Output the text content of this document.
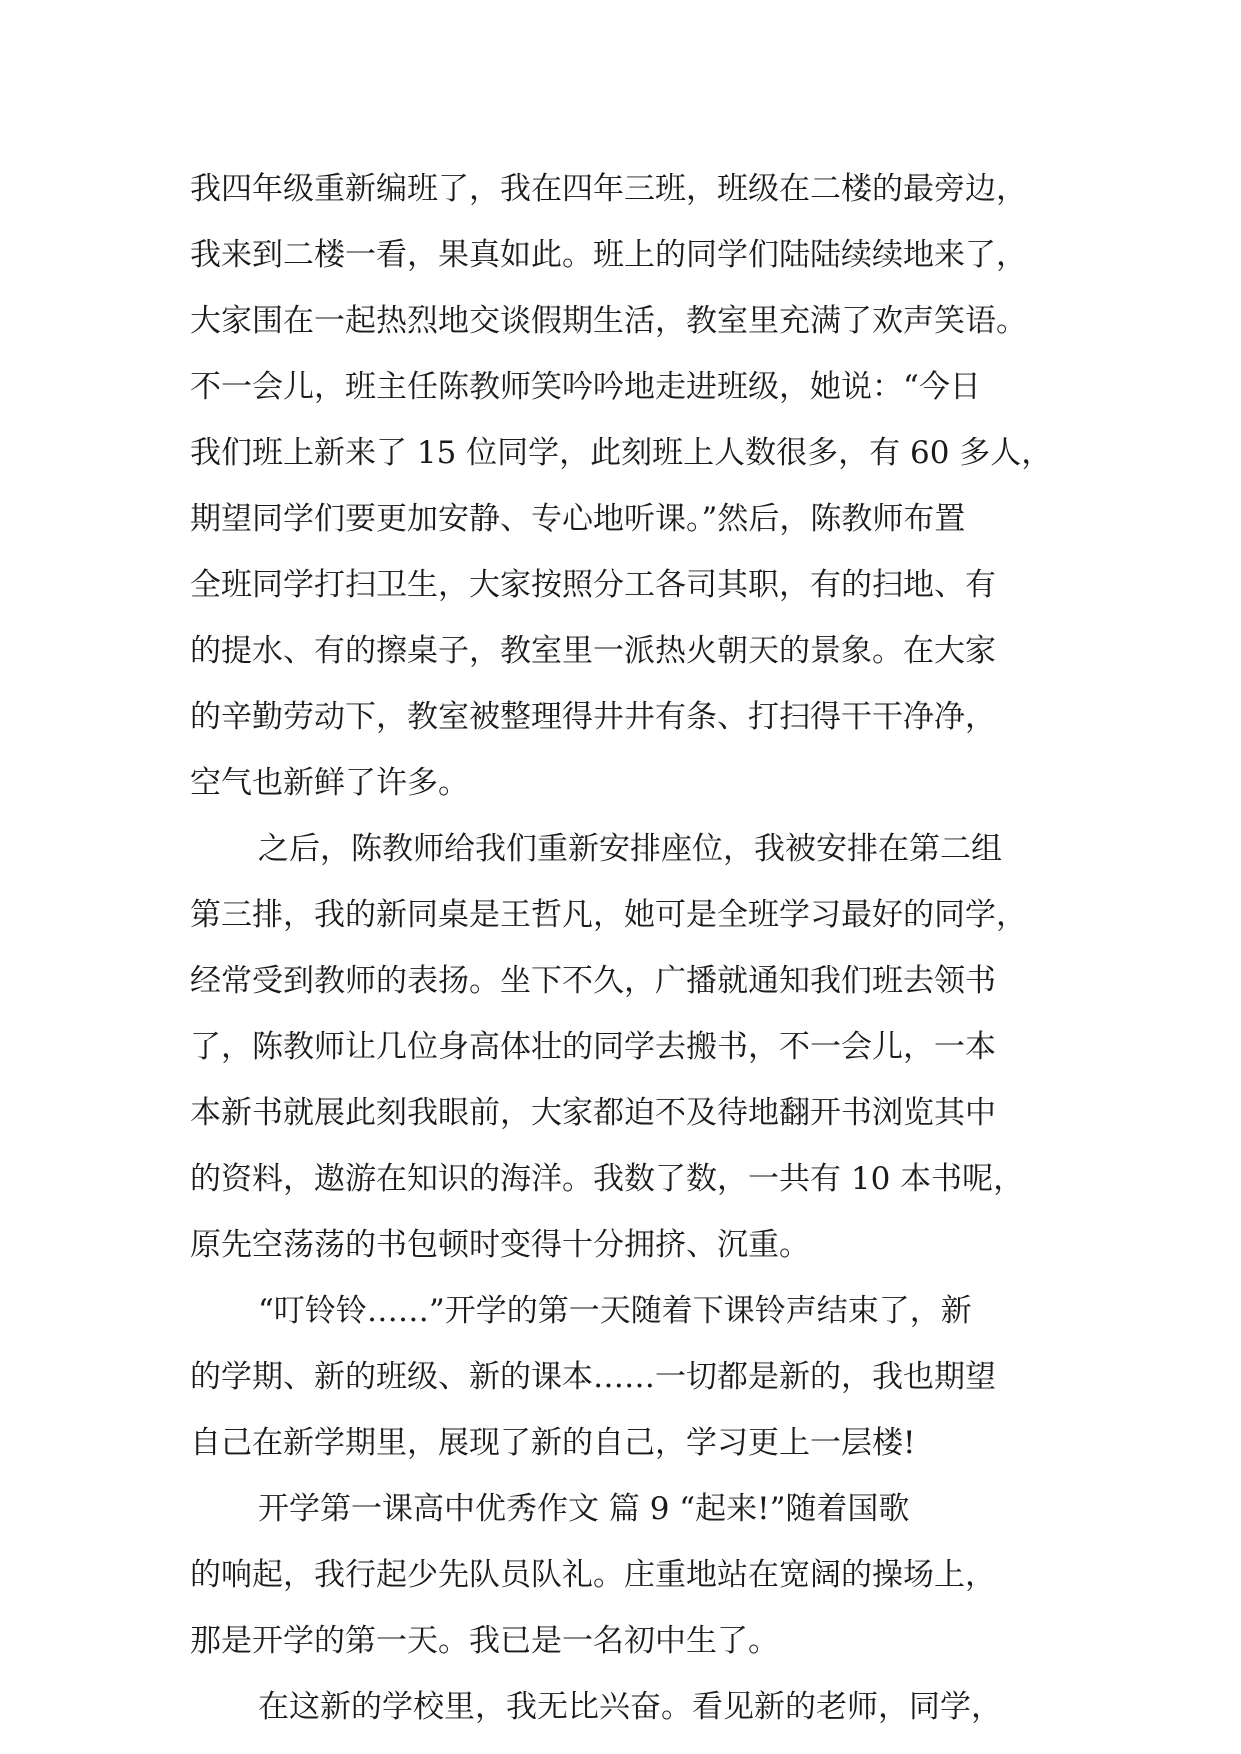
我四年级重新编班了，我在四年三班，班级在二楼的最旁边，
我来到二楼一看，果真如此。班上的同学们陆陆续续地来了，
大家围在一起热烈地交谈假期生活，教室里充满了欢声笑语。
不一会儿，班主任陈教师笑吟吟地走进班级，她说：“今日
我们班上新来了 15 位同学，此刻班上人数很多，有 60 多人，
期望同学们要更加安静、专心地听课。”然后，陈教师布置
全班同学打扫卫生，大家按照分工各司其职，有的扫地、有
的提水、有的擦桌子，教室里一派热火朝天的景象。在大家
的辛勤劳动下，教室被整理得井井有条、打扫得干干净净，
空气也新鲜了许多。
之后，陈教师给我们重新安排座位，我被安排在第二组
第三排，我的新同桌是王哲凡，她可是全班学习最好的同学，
经常受到教师的表扬。坐下不久，广播就通知我们班去领书
了，陈教师让几位身高体壮的同学去搬书，不一会儿，一本
本新书就展此刻我眼前，大家都迫不及待地翻开书浏览其中
的资料，遨游在知识的海洋。我数了数，一共有 10 本书呢，
原先空荡荡的书包顿时变得十分拥挤、沉重。
“叮铃铃……”开学的第一天随着下课铃声结束了，新
的学期、新的班级、新的课本……一切都是新的，我也期望
自己在新学期里，展现了新的自己，学习更上一层楼!
开学第一课高中优秀作文 篇 9 “起来!”随着国歌
的响起，我行起少先队员队礼。庄重地站在宽阔的操场上，
那是开学的第一天。我已是一名初中生了。
在这新的学校里，我无比兴奋。看见新的老师，同学，
